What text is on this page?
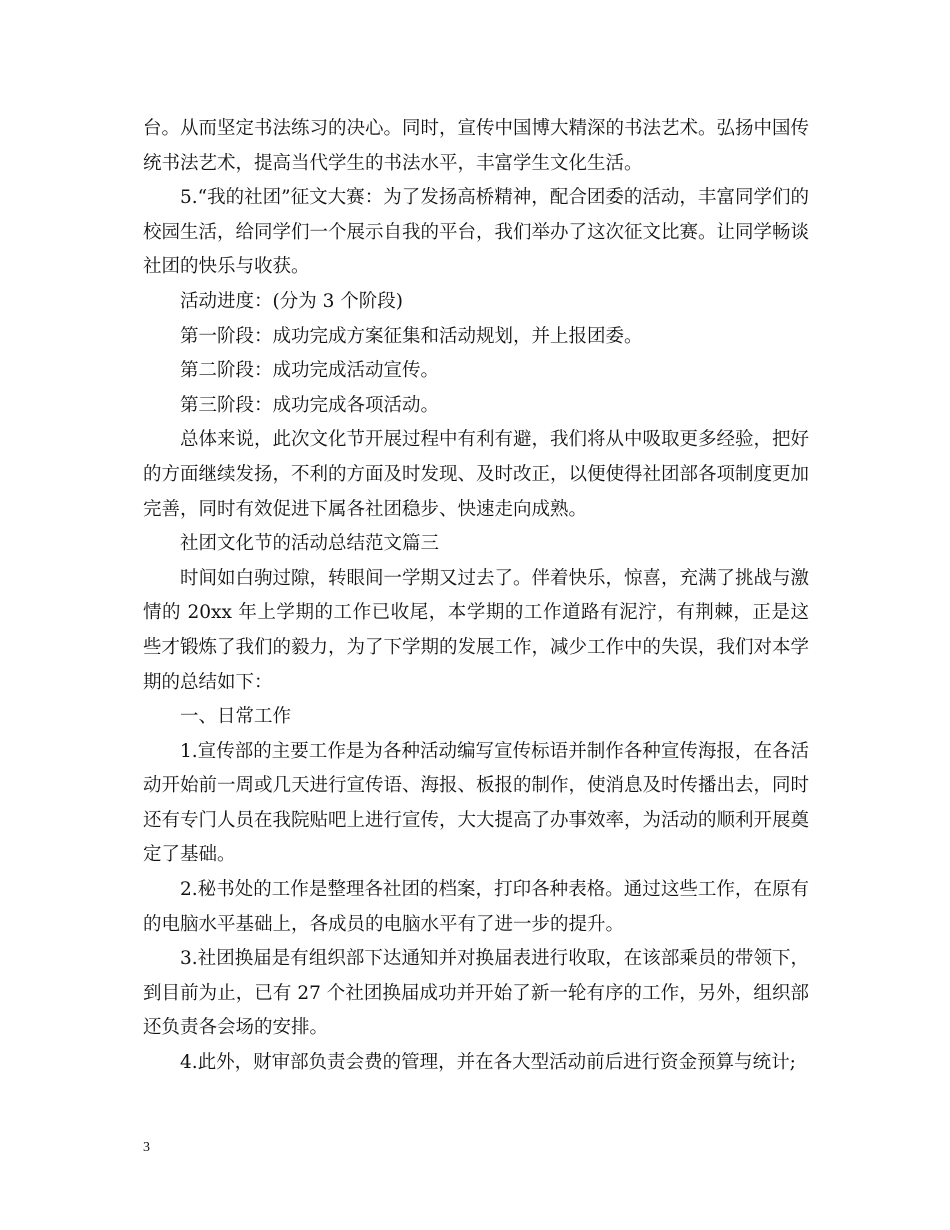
台。从而坚定书法练习的决心。同时，宣传中国博大精深的书法艺术。弘扬中国传统书法艺术，提高当代学生的书法水平，丰富学生文化生活。

5.“我的社团”征文大赛：为了发扬高桥精神，配合团委的活动，丰富同学们的校园生活，给同学们一个展示自我的平台，我们举办了这次征文比赛。让同学畅谈社团的快乐与收获。

活动进度：(分为 3 个阶段)

第一阶段：成功完成方案征集和活动规划，并上报团委。

第二阶段：成功完成活动宣传。

第三阶段：成功完成各项活动。

总体来说，此次文化节开展过程中有利有避，我们将从中吸取更多经验，把好的方面继续发扬，不利的方面及时发现、及时改正，以便使得社团部各项制度更加完善，同时有效促进下属各社团稳步、快速走向成熟。

社团文化节的活动总结范文篇三

时间如白驹过隙，转眼间一学期又过去了。伴着快乐，惊喜，充满了挑战与激情的 20xx 年上学期的工作已收尾，本学期的工作道路有泥泞，有荆棘，正是这些才锻炼了我们的毅力，为了下学期的发展工作，减少工作中的失误，我们对本学期的总结如下：

一、日常工作

1.宣传部的主要工作是为各种活动编写宣传标语并制作各种宣传海报，在各活动开始前一周或几天进行宣传语、海报、板报的制作，使消息及时传播出去，同时还有专门人员在我院贴吧上进行宣传，大大提高了办事效率，为活动的顺利开展奠定了基础。

2.秘书处的工作是整理各社团的档案，打印各种表格。通过这些工作，在原有的电脑水平基础上，各成员的电脑水平有了进一步的提升。

3.社团换届是有组织部下达通知并对换届表进行收取，在该部乘员的带领下，到目前为止，已有 27 个社团换届成功并开始了新一轮有序的工作，另外，组织部还负责各会场的安排。

4.此外，财审部负责会费的管理，并在各大型活动前后进行资金预算与统计;

3
